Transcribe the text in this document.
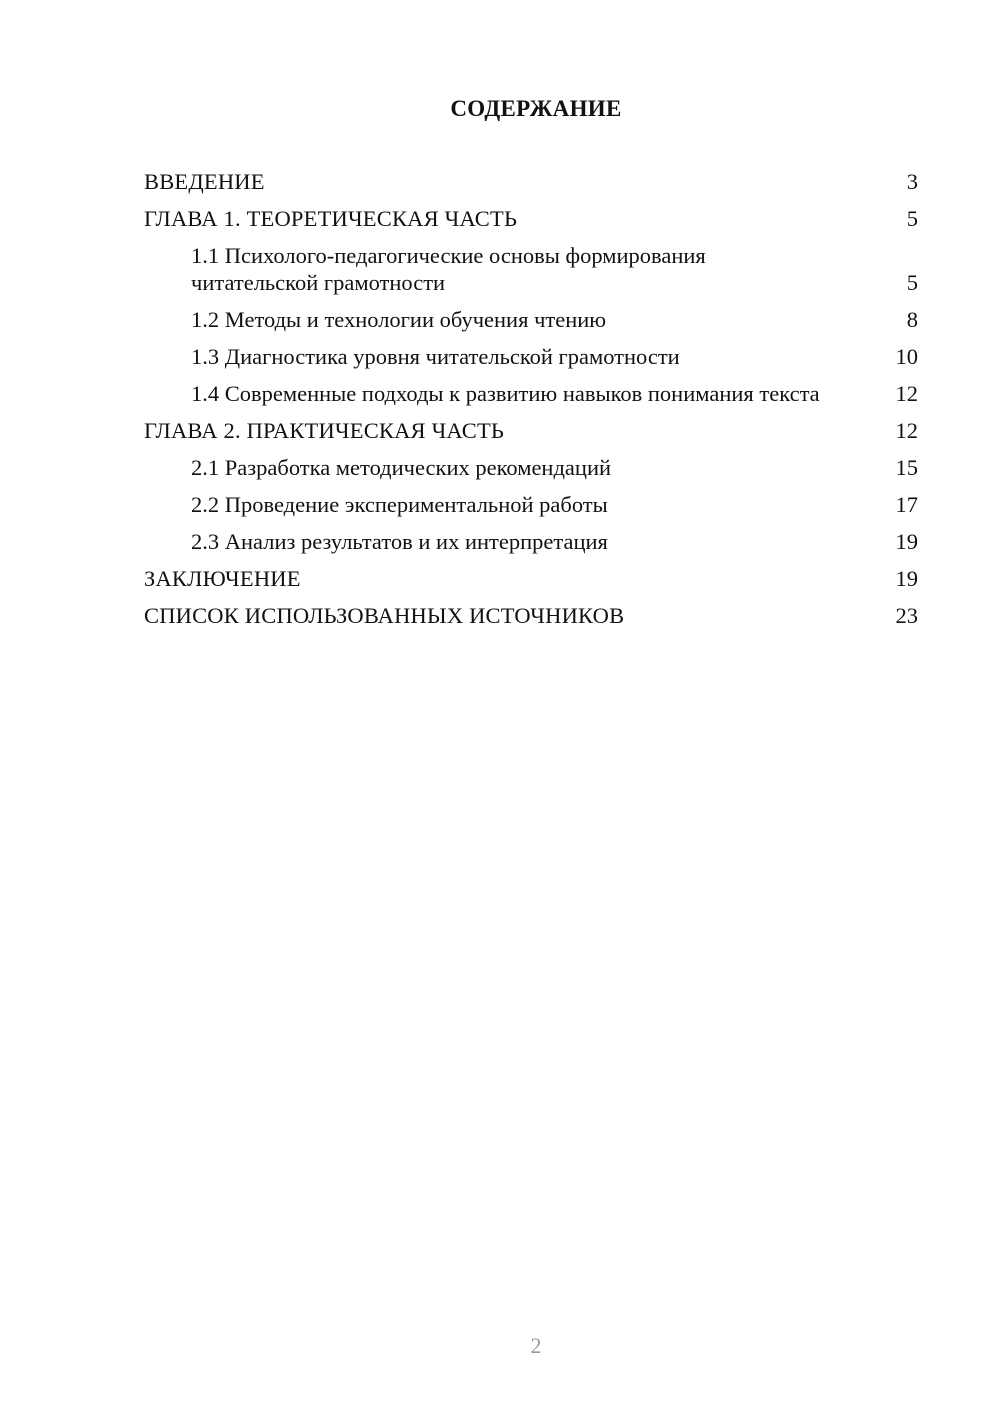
СОДЕРЖАНИЕ
ВВЕДЕНИЕ	3
ГЛАВА 1. ТЕОРЕТИЧЕСКАЯ ЧАСТЬ	5
1.1 Психолого-педагогические основы формирования читательской грамотности	5
1.2 Методы и технологии обучения чтению	8
1.3 Диагностика уровня читательской грамотности	10
1.4 Современные подходы к развитию навыков понимания текста	12
ГЛАВА 2. ПРАКТИЧЕСКАЯ ЧАСТЬ	12
2.1 Разработка методических рекомендаций	15
2.2 Проведение экспериментальной работы	17
2.3 Анализ результатов и их интерпретация	19
ЗАКЛЮЧЕНИЕ	19
СПИСОК ИСПОЛЬЗОВАННЫХ ИСТОЧНИКОВ	23
2
